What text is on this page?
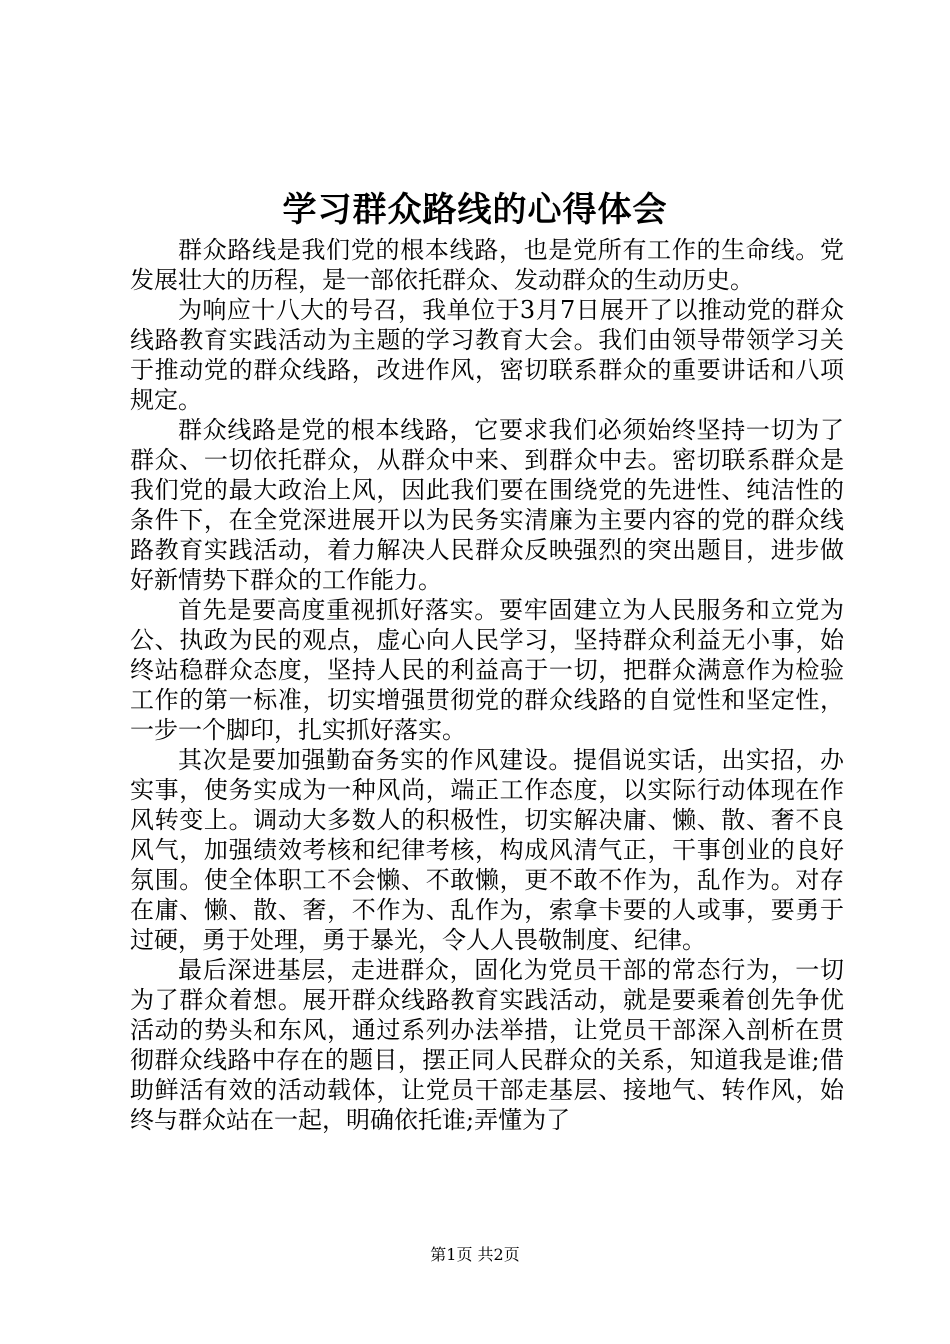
学习群众路线的心得体会

群众路线是我们党的根本线路，也是党所有工作的生命线。党发展壮大的历程，是一部依托群众、发动群众的生动历史。

为响应十八大的号召，我单位于3月7日展开了以推动党的群众线路教育实践活动为主题的学习教育大会。我们由领导带领学习关于推动党的群众线路，改进作风，密切联系群众的重要讲话和八项规定。

群众线路是党的根本线路，它要求我们必须始终坚持一切为了群众、一切依托群众，从群众中来、到群众中去。密切联系群众是我们党的最大政治上风，因此我们要在围绕党的先进性、纯洁性的条件下，在全党深进展开以为民务实清廉为主要内容的党的群众线路教育实践活动，着力解决人民群众反映强烈的突出题目，进步做好新情势下群众的工作能力。

首先是要高度重视抓好落实。要牢固建立为人民服务和立党为公、执政为民的观点，虚心向人民学习，坚持群众利益无小事，始终站稳群众态度，坚持人民的利益高于一切，把群众满意作为检验工作的第一标准，切实增强贯彻党的群众线路的自觉性和坚定性，一步一个脚印，扎实抓好落实。

其次是要加强勤奋务实的作风建设。提倡说实话，出实招，办实事，使务实成为一种风尚，端正工作态度，以实际行动体现在作风转变上。调动大多数人的积极性，切实解决庸、懒、散、奢不良风气，加强绩效考核和纪律考核，构成风清气正，干事创业的良好氛围。使全体职工不会懒、不敢懒，更不敢不作为，乱作为。对存在庸、懒、散、奢，不作为、乱作为，索拿卡要的人或事，要勇于过硬，勇于处理，勇于暴光，令人人畏敬制度、纪律。

最后深进基层，走进群众，固化为党员干部的常态行为，一切为了群众着想。展开群众线路教育实践活动，就是要乘着创先争优活动的势头和东风，通过系列办法举措，让党员干部深入剖析在贯彻群众线路中存在的题目，摆正同人民群众的关系，知道我是谁;借助鲜活有效的活动载体，让党员干部走基层、接地气、转作风，始终与群众站在一起，明确依托谁;弄懂为了

第1页 共2页
